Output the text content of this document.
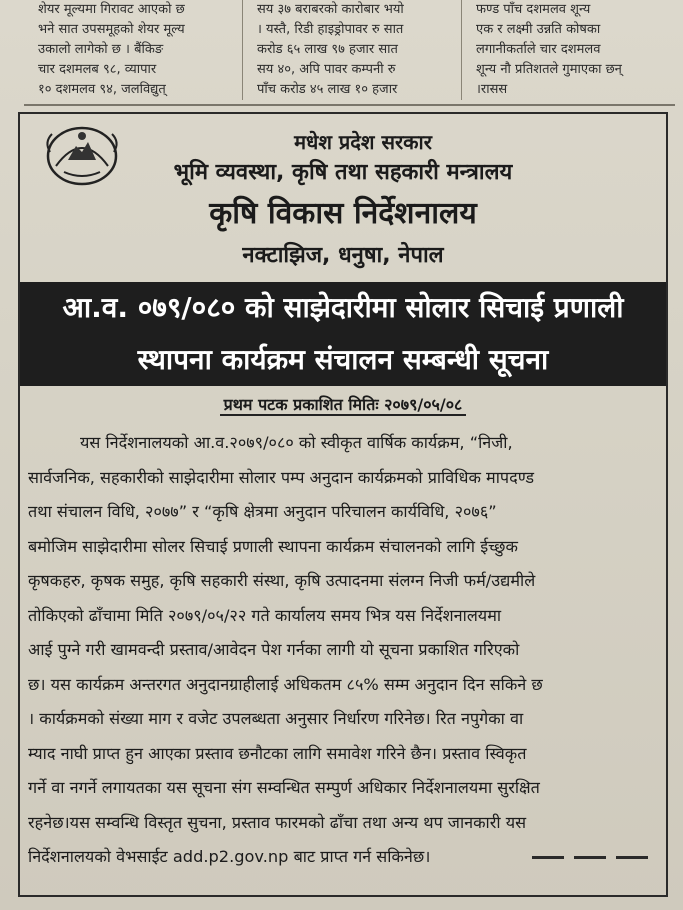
शेयर मूल्यमा गिरावट आएको छ
भने सात उपसमूहको शेयर मूल्य
उकालो लागेको छ । बैंकिङ
चार दशमलब ९८, व्यापार
१० दशमलव ९४, जलविद्युत्
सय ३७ बराबरको कारोबार भयो
। यस्तै, रिडी हाइड्रोपावर रु सात
करोड ६५ लाख ९७ हजार सात
सय ४०, अपि पावर कम्पनी रु
पाँच करोड ४५ लाख १० हजार
फण्ड पाँच दशमलव शून्य
एक र लक्ष्मी उन्नति कोषका
लगानीकर्ताले चार दशमलव
शून्य नौ प्रतिशतले गुमाएका छन्
।रासस
मधेश प्रदेश सरकार
भूमि व्यवस्था, कृषि तथा सहकारी मन्त्रालय
कृषि विकास निर्देशनालय
नक्टाझिज, धनुषा, नेपाल
आ.व. ०७९/०८० को साझेदारीमा सोलार सिचाई प्रणाली
स्थापना कार्यक्रम संचालन सम्बन्धी सूचना
प्रथम पटक प्रकाशित मितिः २०७९/०५/०८
यस निर्देशनालयको आ.व.२०७९/०८० को स्वीकृत वार्षिक कार्यक्रम, “निजी,
सार्वजनिक, सहकारीको साझेदारीमा सोलार पम्प अनुदान कार्यक्रमको प्राविधिक मापदण्ड
तथा संचालन विधि, २०७७” र “कृषि क्षेत्रमा अनुदान परिचालन कार्यविधि, २०७६”
बमोजिम साझेदारीमा सोलर सिचाई प्रणाली स्थापना कार्यक्रम संचालनको लागि ईच्छुक
कृषकहरु, कृषक समुह, कृषि सहकारी संस्था, कृषि उत्पादनमा संलग्न निजी फर्म/उद्यमीले
तोकिएको ढाँचामा मिति २०७९/०५/२२ गते कार्यालय समय भित्र यस निर्देशनालयमा
आई पुग्ने गरी खामवन्दी प्रस्ताव/आवेदन पेश गर्नका लागी यो सूचना प्रकाशित गरिएको
छ। यस कार्यक्रम अन्तरगत अनुदानग्राहीलाई अधिकतम ८५% सम्म अनुदान दिन सकिने छ
। कार्यक्रमको संख्या माग र वजेट उपलब्धता अनुसार निर्धारण गरिनेछ। रित नपुगेका वा
म्याद नाघी प्राप्त हुन आएका प्रस्ताव छनौटका लागि समावेश गरिने छैन। प्रस्ताव स्विकृत
गर्ने वा नगर्ने लगायतका यस सूचना संग सम्वन्धित सम्पुर्ण अधिकार निर्देशनालयमा सुरक्षित
रहनेछ।यस सम्वन्धि विस्तृत सुचना, प्रस्ताव फारमको ढाँचा तथा अन्य थप जानकारी यस
निर्देशनालयको वेभसाईट add.p2.gov.np बाट प्राप्त गर्न सकिनेछ।
